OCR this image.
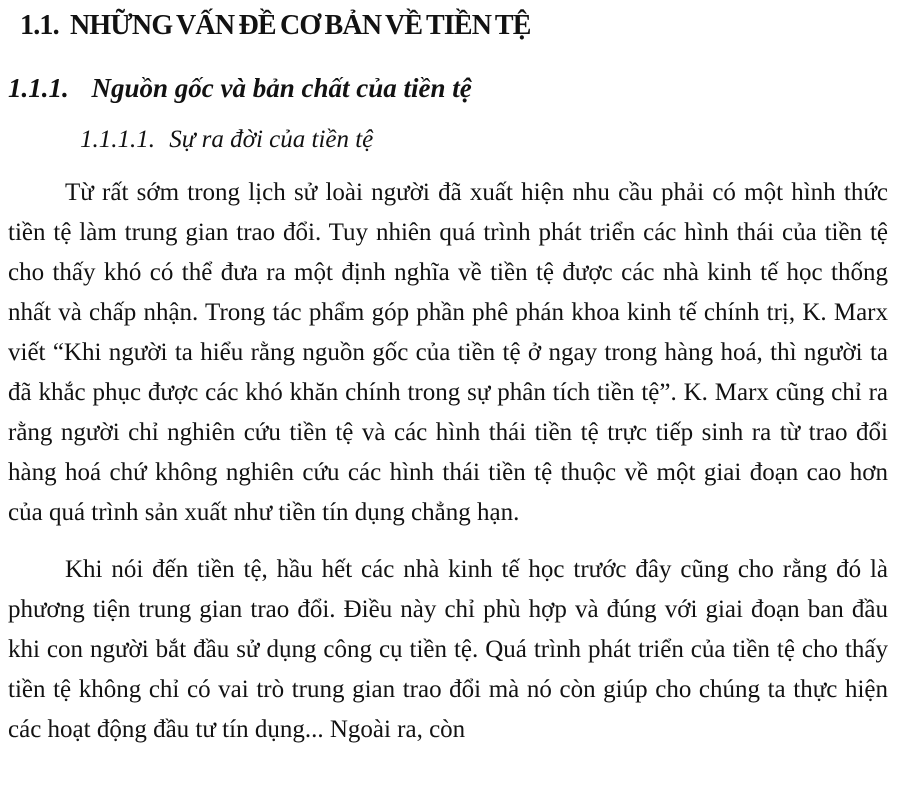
1.1. NHỮNG VẤN ĐỀ CƠ BẢN VỀ TIỀN TỆ
1.1.1. Nguồn gốc và bản chất của tiền tệ
1.1.1.1. Sự ra đời của tiền tệ

Từ rất sớm trong lịch sử loài người đã xuất hiện nhu cầu phải có một hình thức tiền tệ làm trung gian trao đổi. Tuy nhiên quá trình phát triển các hình thái của tiền tệ cho thấy khó có thể đưa ra một định nghĩa về tiền tệ được các nhà kinh tế học thống nhất và chấp nhận. Trong tác phẩm góp phần phê phán khoa kinh tế chính trị, K. Marx viết “Khi người ta hiểu rằng nguồn gốc của tiền tệ ở ngay trong hàng hoá, thì người ta đã khắc phục được các khó khăn chính trong sự phân tích tiền tệ”. K. Marx cũng chỉ ra rằng người chỉ nghiên cứu tiền tệ và các hình thái tiền tệ trực tiếp sinh ra từ trao đổi hàng hoá chứ không nghiên cứu các hình thái tiền tệ thuộc về một giai đoạn cao hơn của quá trình sản xuất như tiền tín dụng chẳng hạn.

Khi nói đến tiền tệ, hầu hết các nhà kinh tế học trước đây cũng cho rằng đó là phương tiện trung gian trao đổi. Điều này chỉ phù hợp và đúng với giai đoạn ban đầu khi con người bắt đầu sử dụng công cụ tiền tệ. Quá trình phát triển của tiền tệ cho thấy tiền tệ không chỉ có vai trò trung gian trao đổi mà nó còn giúp cho chúng ta thực hiện các hoạt động đầu tư tín dụng... Ngoài ra, còn
